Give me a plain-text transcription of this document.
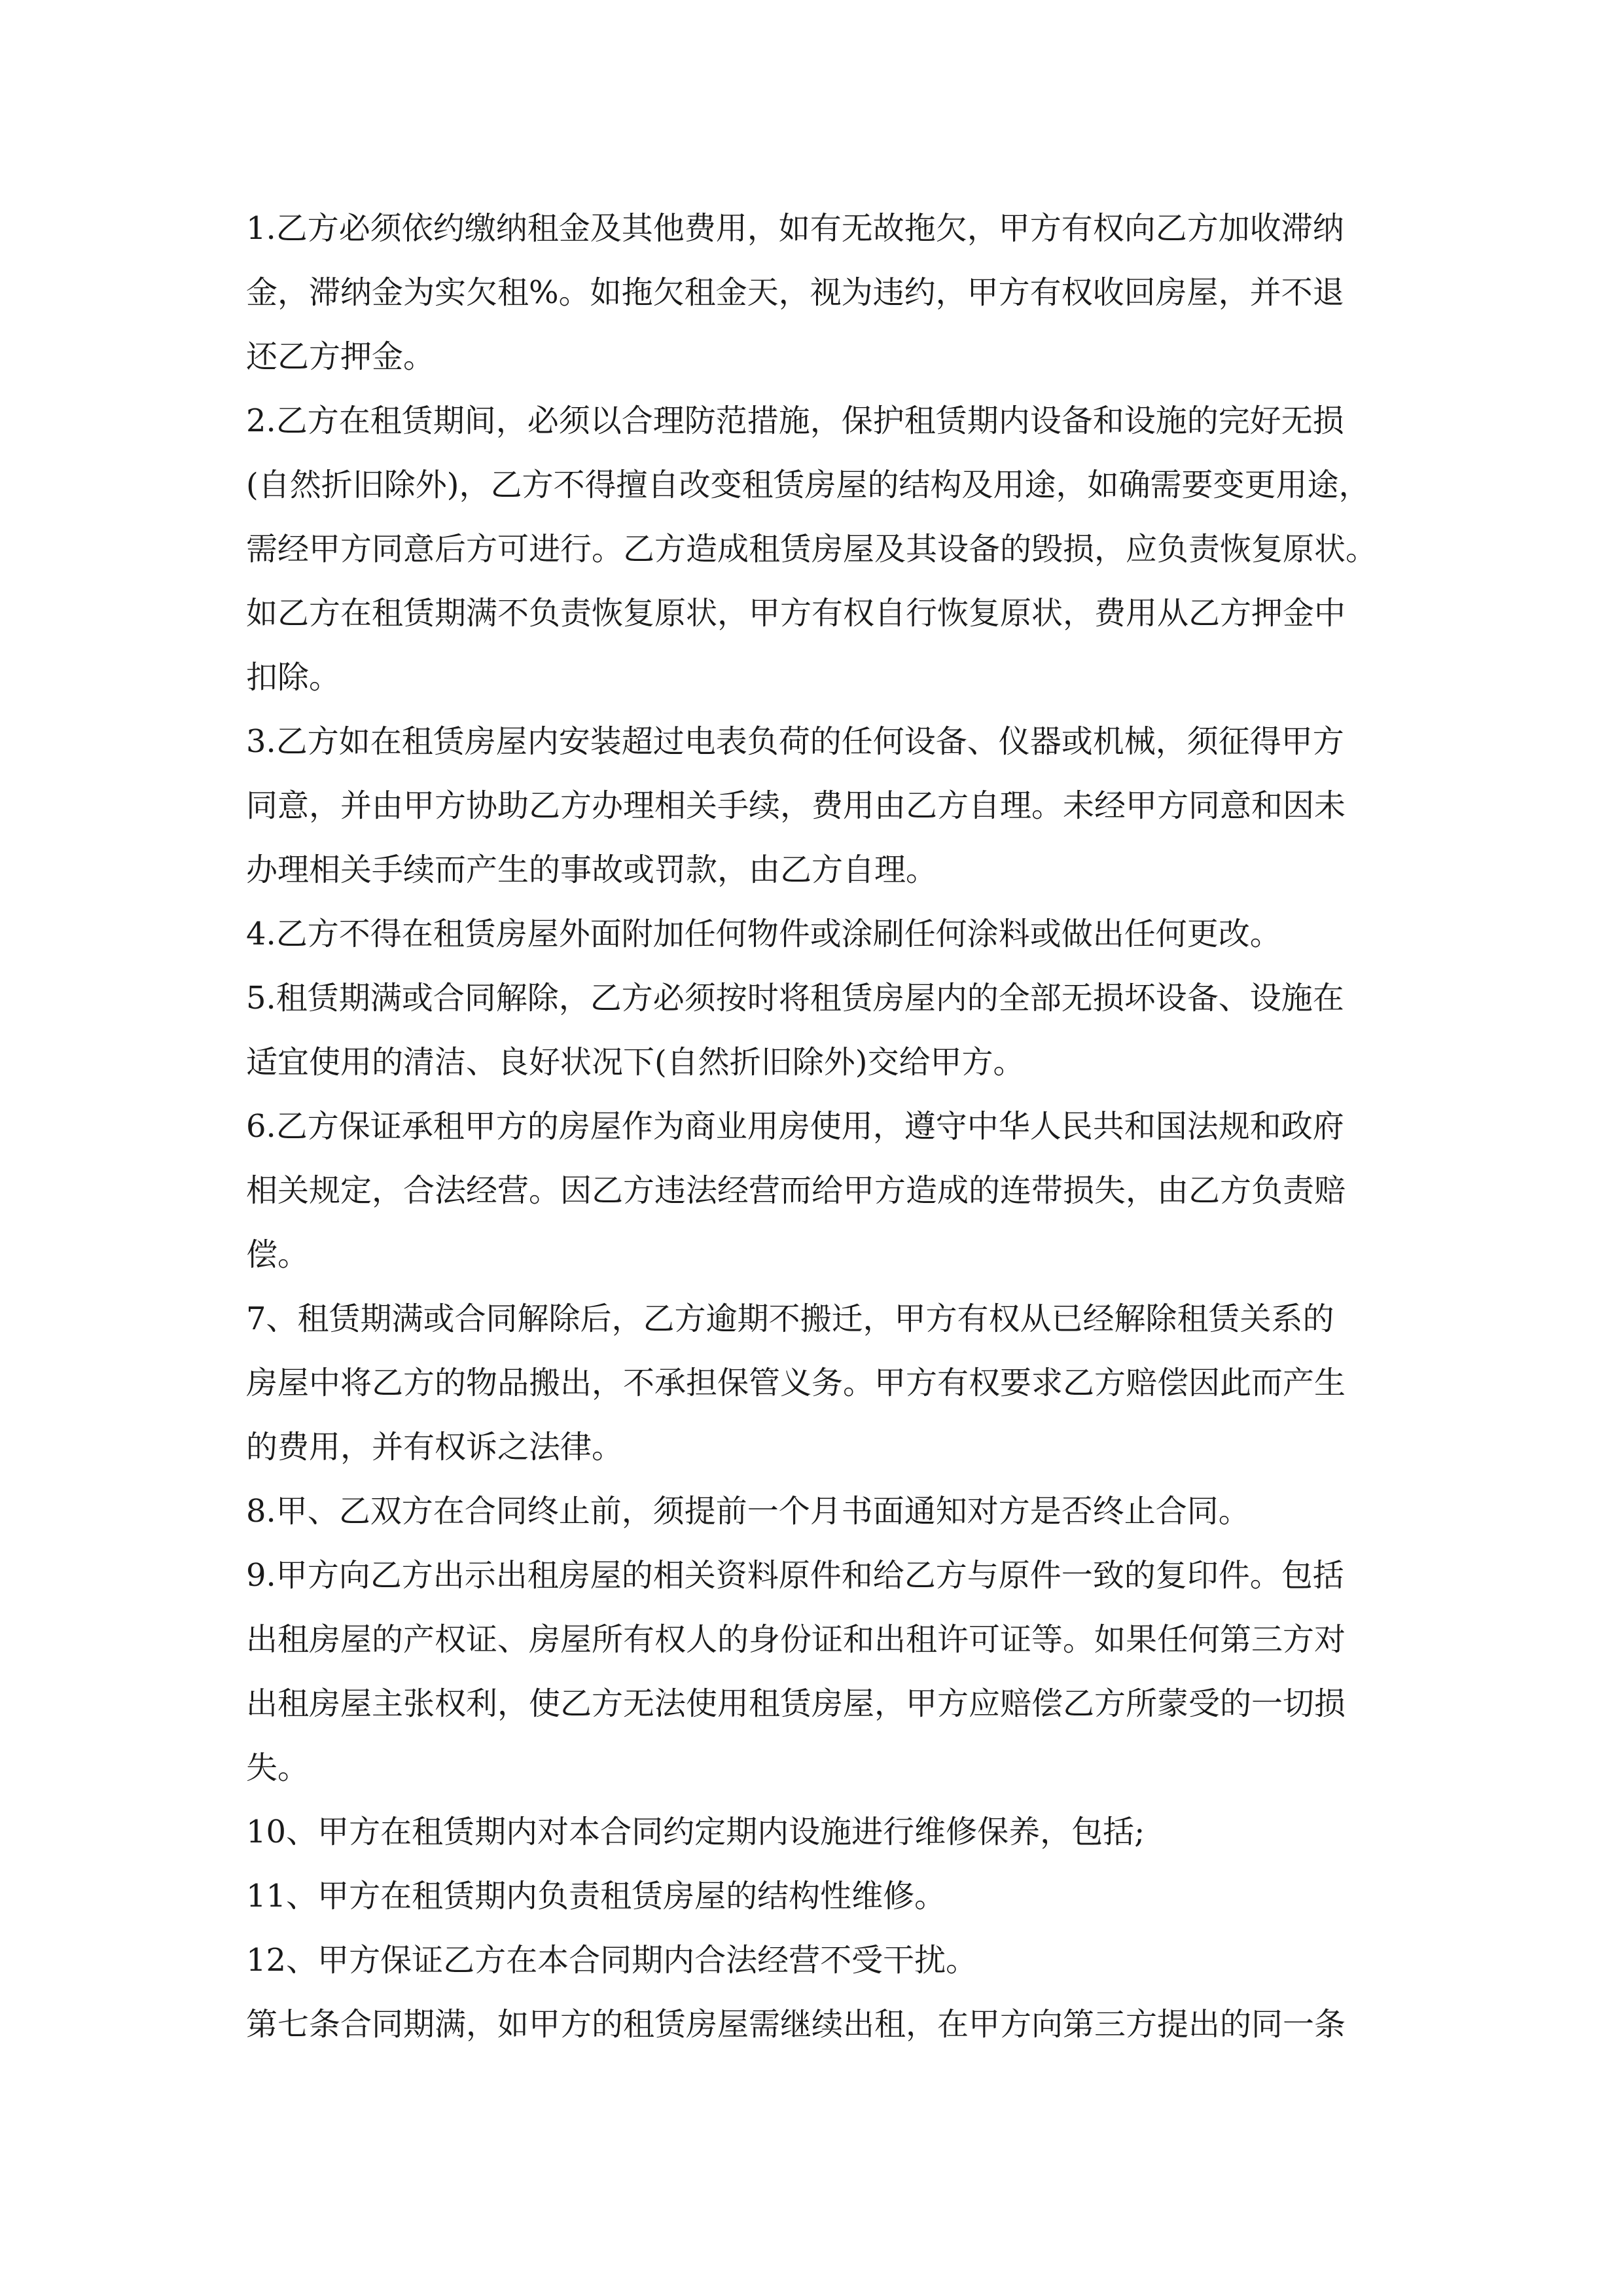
1.乙方必须依约缴纳租金及其他费用，如有无故拖欠，甲方有权向乙方加收滞纳
金，滞纳金为实欠租%。如拖欠租金天，视为违约，甲方有权收回房屋，并不退
还乙方押金。
2.乙方在租赁期间，必须以合理防范措施，保护租赁期内设备和设施的完好无损
(自然折旧除外)，乙方不得擅自改变租赁房屋的结构及用途，如确需要变更用途，
需经甲方同意后方可进行。乙方造成租赁房屋及其设备的毁损，应负责恢复原状。
如乙方在租赁期满不负责恢复原状，甲方有权自行恢复原状，费用从乙方押金中
扣除。
3.乙方如在租赁房屋内安装超过电表负荷的任何设备、仪器或机械，须征得甲方
同意，并由甲方协助乙方办理相关手续，费用由乙方自理。未经甲方同意和因未
办理相关手续而产生的事故或罚款，由乙方自理。
4.乙方不得在租赁房屋外面附加任何物件或涂刷任何涂料或做出任何更改。
5.租赁期满或合同解除，乙方必须按时将租赁房屋内的全部无损坏设备、设施在
适宜使用的清洁、良好状况下(自然折旧除外)交给甲方。
6.乙方保证承租甲方的房屋作为商业用房使用，遵守中华人民共和国法规和政府
相关规定，合法经营。因乙方违法经营而给甲方造成的连带损失，由乙方负责赔
偿。
7、租赁期满或合同解除后，乙方逾期不搬迁，甲方有权从已经解除租赁关系的
房屋中将乙方的物品搬出，不承担保管义务。甲方有权要求乙方赔偿因此而产生
的费用，并有权诉之法律。
8.甲、乙双方在合同终止前，须提前一个月书面通知对方是否终止合同。
9.甲方向乙方出示出租房屋的相关资料原件和给乙方与原件一致的复印件。包括
出租房屋的产权证、房屋所有权人的身份证和出租许可证等。如果任何第三方对
出租房屋主张权利，使乙方无法使用租赁房屋，甲方应赔偿乙方所蒙受的一切损
失。
10、甲方在租赁期内对本合同约定期内设施进行维修保养，包括;
11、甲方在租赁期内负责租赁房屋的结构性维修。
12、甲方保证乙方在本合同期内合法经营不受干扰。
第七条合同期满，如甲方的租赁房屋需继续出租，在甲方向第三方提出的同一条
